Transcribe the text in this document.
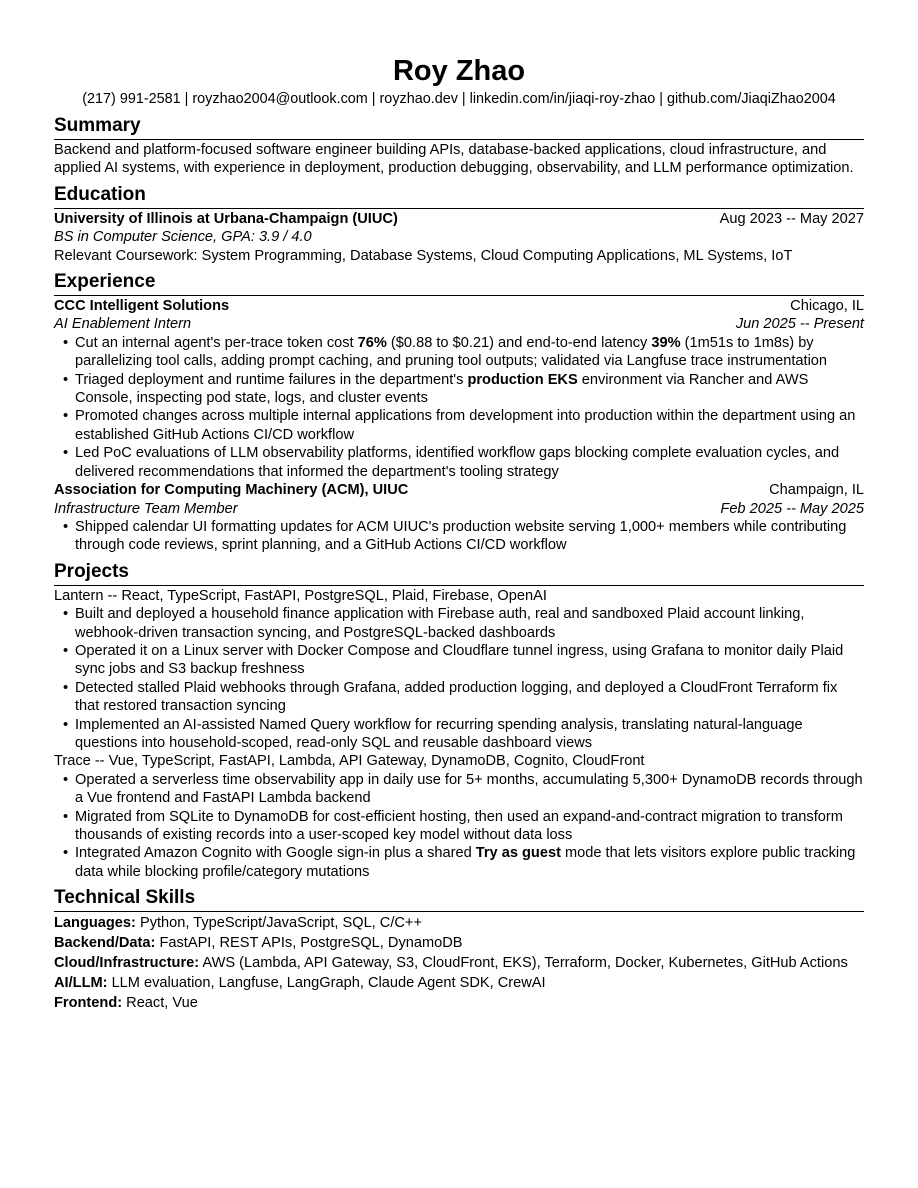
Roy Zhao
(217) 991-2581 | royzhao2004@outlook.com | royzhao.dev | linkedin.com/in/jiaqi-roy-zhao | github.com/JiaqiZhao2004
Summary
Backend and platform-focused software engineer building APIs, database-backed applications, cloud infrastructure, and applied AI systems, with experience in deployment, production debugging, observability, and LLM performance optimization.
Education
University of Illinois at Urbana-Champaign (UIUC)	Aug 2023 -- May 2027
BS in Computer Science, GPA: 3.9 / 4.0
Relevant Coursework: System Programming, Database Systems, Cloud Computing Applications, ML Systems, IoT
Experience
CCC Intelligent Solutions	Chicago, IL
AI Enablement Intern	Jun 2025 -- Present
• Cut an internal agent's per-trace token cost 76% ($0.88 to $0.21) and end-to-end latency 39% (1m51s to 1m8s) by parallelizing tool calls, adding prompt caching, and pruning tool outputs; validated via Langfuse trace instrumentation
• Triaged deployment and runtime failures in the department's production EKS environment via Rancher and AWS Console, inspecting pod state, logs, and cluster events
• Promoted changes across multiple internal applications from development into production within the department using an established GitHub Actions CI/CD workflow
• Led PoC evaluations of LLM observability platforms, identified workflow gaps blocking complete evaluation cycles, and delivered recommendations that informed the department's tooling strategy
Association for Computing Machinery (ACM), UIUC	Champaign, IL
Infrastructure Team Member	Feb 2025 -- May 2025
• Shipped calendar UI formatting updates for ACM UIUC's production website serving 1,000+ members while contributing through code reviews, sprint planning, and a GitHub Actions CI/CD workflow
Projects
Lantern -- React, TypeScript, FastAPI, PostgreSQL, Plaid, Firebase, OpenAI
• Built and deployed a household finance application with Firebase auth, real and sandboxed Plaid account linking, webhook-driven transaction syncing, and PostgreSQL-backed dashboards
• Operated it on a Linux server with Docker Compose and Cloudflare tunnel ingress, using Grafana to monitor daily Plaid sync jobs and S3 backup freshness
• Detected stalled Plaid webhooks through Grafana, added production logging, and deployed a CloudFront Terraform fix that restored transaction syncing
• Implemented an AI-assisted Named Query workflow for recurring spending analysis, translating natural-language questions into household-scoped, read-only SQL and reusable dashboard views
Trace -- Vue, TypeScript, FastAPI, Lambda, API Gateway, DynamoDB, Cognito, CloudFront
• Operated a serverless time observability app in daily use for 5+ months, accumulating 5,300+ DynamoDB records through a Vue frontend and FastAPI Lambda backend
• Migrated from SQLite to DynamoDB for cost-efficient hosting, then used an expand-and-contract migration to transform thousands of existing records into a user-scoped key model without data loss
• Integrated Amazon Cognito with Google sign-in plus a shared Try as guest mode that lets visitors explore public tracking data while blocking profile/category mutations
Technical Skills
Languages: Python, TypeScript/JavaScript, SQL, C/C++
Backend/Data: FastAPI, REST APIs, PostgreSQL, DynamoDB
Cloud/Infrastructure: AWS (Lambda, API Gateway, S3, CloudFront, EKS), Terraform, Docker, Kubernetes, GitHub Actions
AI/LLM: LLM evaluation, Langfuse, LangGraph, Claude Agent SDK, CrewAI
Frontend: React, Vue
